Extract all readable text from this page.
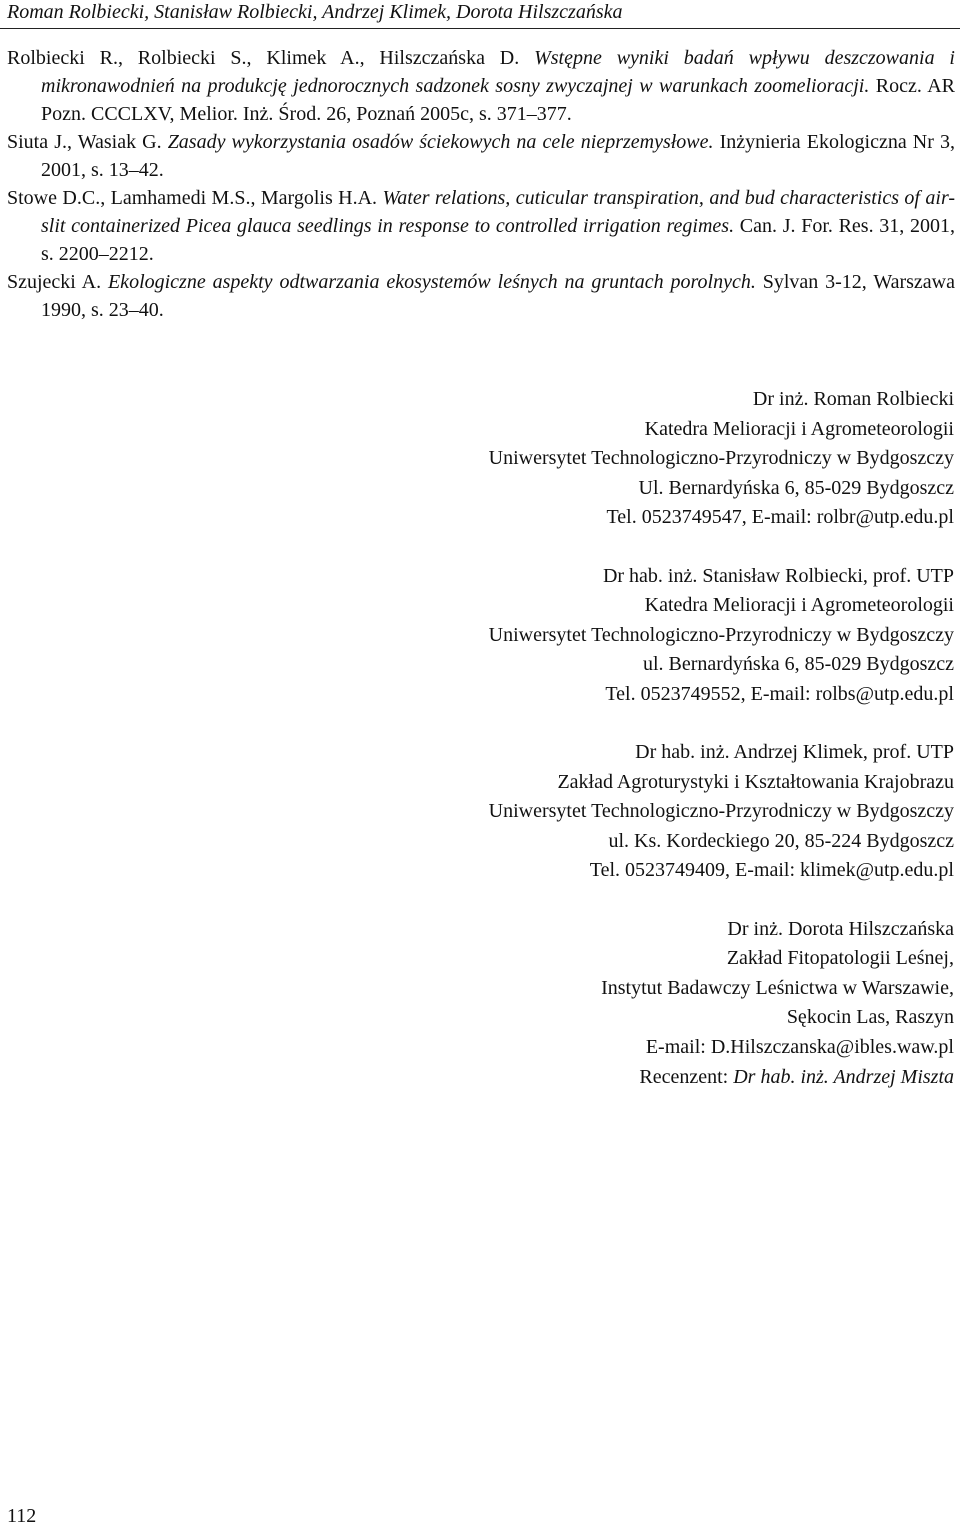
Roman Rolbiecki, Stanisław Rolbiecki, Andrzej Klimek, Dorota Hilszczańska

Rolbiecki R., Rolbiecki S., Klimek A., Hilszczańska D. Wstępne wyniki badań wpływu deszczowania i mikronawodnień na produkcję jednorocznych sadzonek sosny zwyczajnej w warunkach zoomelioracji. Rocz. AR Pozn. CCCLXV, Melior. Inż. Środ. 26, Poznań 2005c, s. 371–377.

Siuta J., Wasiak G. Zasady wykorzystania osadów ściekowych na cele nieprzemysłowe. Inżynieria Ekologiczna Nr 3, 2001, s. 13–42.

Stowe D.C., Lamhamedi M.S., Margolis H.A. Water relations, cuticular transpiration, and bud characteristics of air-slit containerized Picea glauca seedlings in response to controlled irrigation regimes. Can. J. For. Res. 31, 2001, s. 2200–2212.

Szujecki A. Ekologiczne aspekty odtwarzania ekosystemów leśnych na gruntach porolnych. Sylvan 3-12, Warszawa 1990, s. 23–40.

Dr inż. Roman Rolbiecki
Katedra Melioracji i Agrometeorologii
Uniwersytet Technologiczno-Przyrodniczy w Bydgoszczy
Ul. Bernardyńska 6, 85-029 Bydgoszcz
Tel. 0523749547, E-mail: rolbr@utp.edu.pl
Dr hab. inż. Stanisław Rolbiecki, prof. UTP
Katedra Melioracji i Agrometeorologii
Uniwersytet Technologiczno-Przyrodniczy w Bydgoszczy
ul. Bernardyńska 6, 85-029 Bydgoszcz
Tel. 0523749552, E-mail: rolbs@utp.edu.pl
Dr hab. inż. Andrzej Klimek, prof. UTP
Zakład Agroturystyki i Kształtowania Krajobrazu
Uniwersytet Technologiczno-Przyrodniczy w Bydgoszczy
ul. Ks. Kordeckiego 20, 85-224 Bydgoszcz
Tel. 0523749409, E-mail: klimek@utp.edu.pl
Dr inż. Dorota Hilszczańska
Zakład Fitopatologii Leśnej,
Instytut Badawczy Leśnictwa w Warszawie,
Sękocin Las, Raszyn
E-mail: D.Hilszczanska@ibles.waw.pl
Recenzent: Dr hab. inż. Andrzej Miszta
112
